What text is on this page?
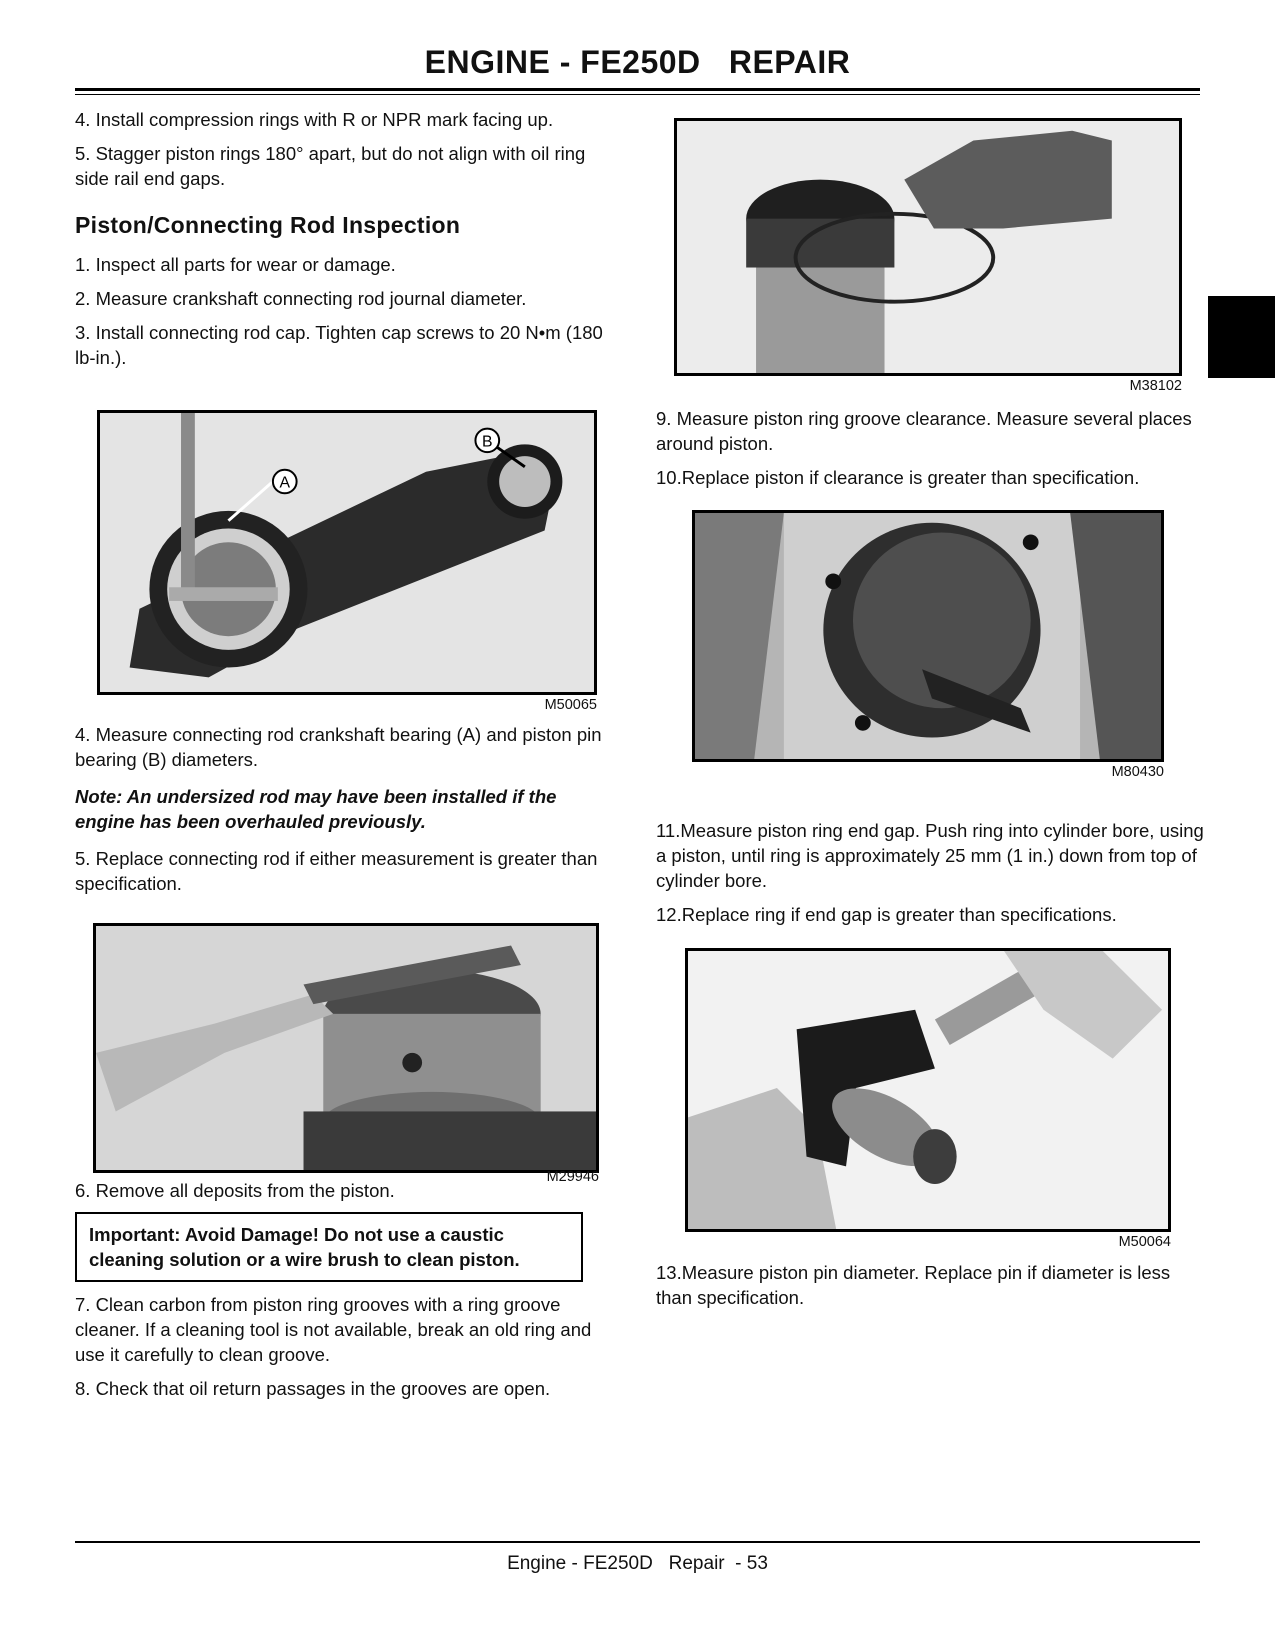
ENGINE - FE250D   REPAIR

4. Install compression rings with R or NPR mark facing up.

5. Stagger piston rings 180° apart, but do not align with oil ring side rail end gaps.

Piston/Connecting Rod Inspection

1. Inspect all parts for wear or damage.

2. Measure crankshaft connecting rod journal diameter.

3. Install connecting rod cap. Tighten cap screws to 20 N•m (180 lb-in.).

4. Measure connecting rod crankshaft bearing (A) and piston pin bearing (B) diameters.

Note: An undersized rod may have been installed if the engine has been overhauled previously.

5. Replace connecting rod if either measurement is greater than specification.

6. Remove all deposits from the piston.

Important: Avoid Damage! Do not use a caustic cleaning solution or a wire brush to clean piston.

7. Clean carbon from piston ring grooves with a ring groove cleaner. If a cleaning tool is not available, break an old ring and use it carefully to clean groove.

8. Check that oil return passages in the grooves are open.

9. Measure piston ring groove clearance. Measure several places around piston.

10.Replace piston if clearance is greater than specification.

11.Measure piston ring end gap. Push ring into cylinder bore, using a piston, until ring is approximately 25 mm (1 in.) down from top of cylinder bore.

12.Replace ring if end gap is greater than specifications.

13.Measure piston pin diameter. Replace pin if diameter is less than specification.

A
B
M50065
M29946
M38102
M80430
M50064
Engine - FE250D   Repair  - 53
